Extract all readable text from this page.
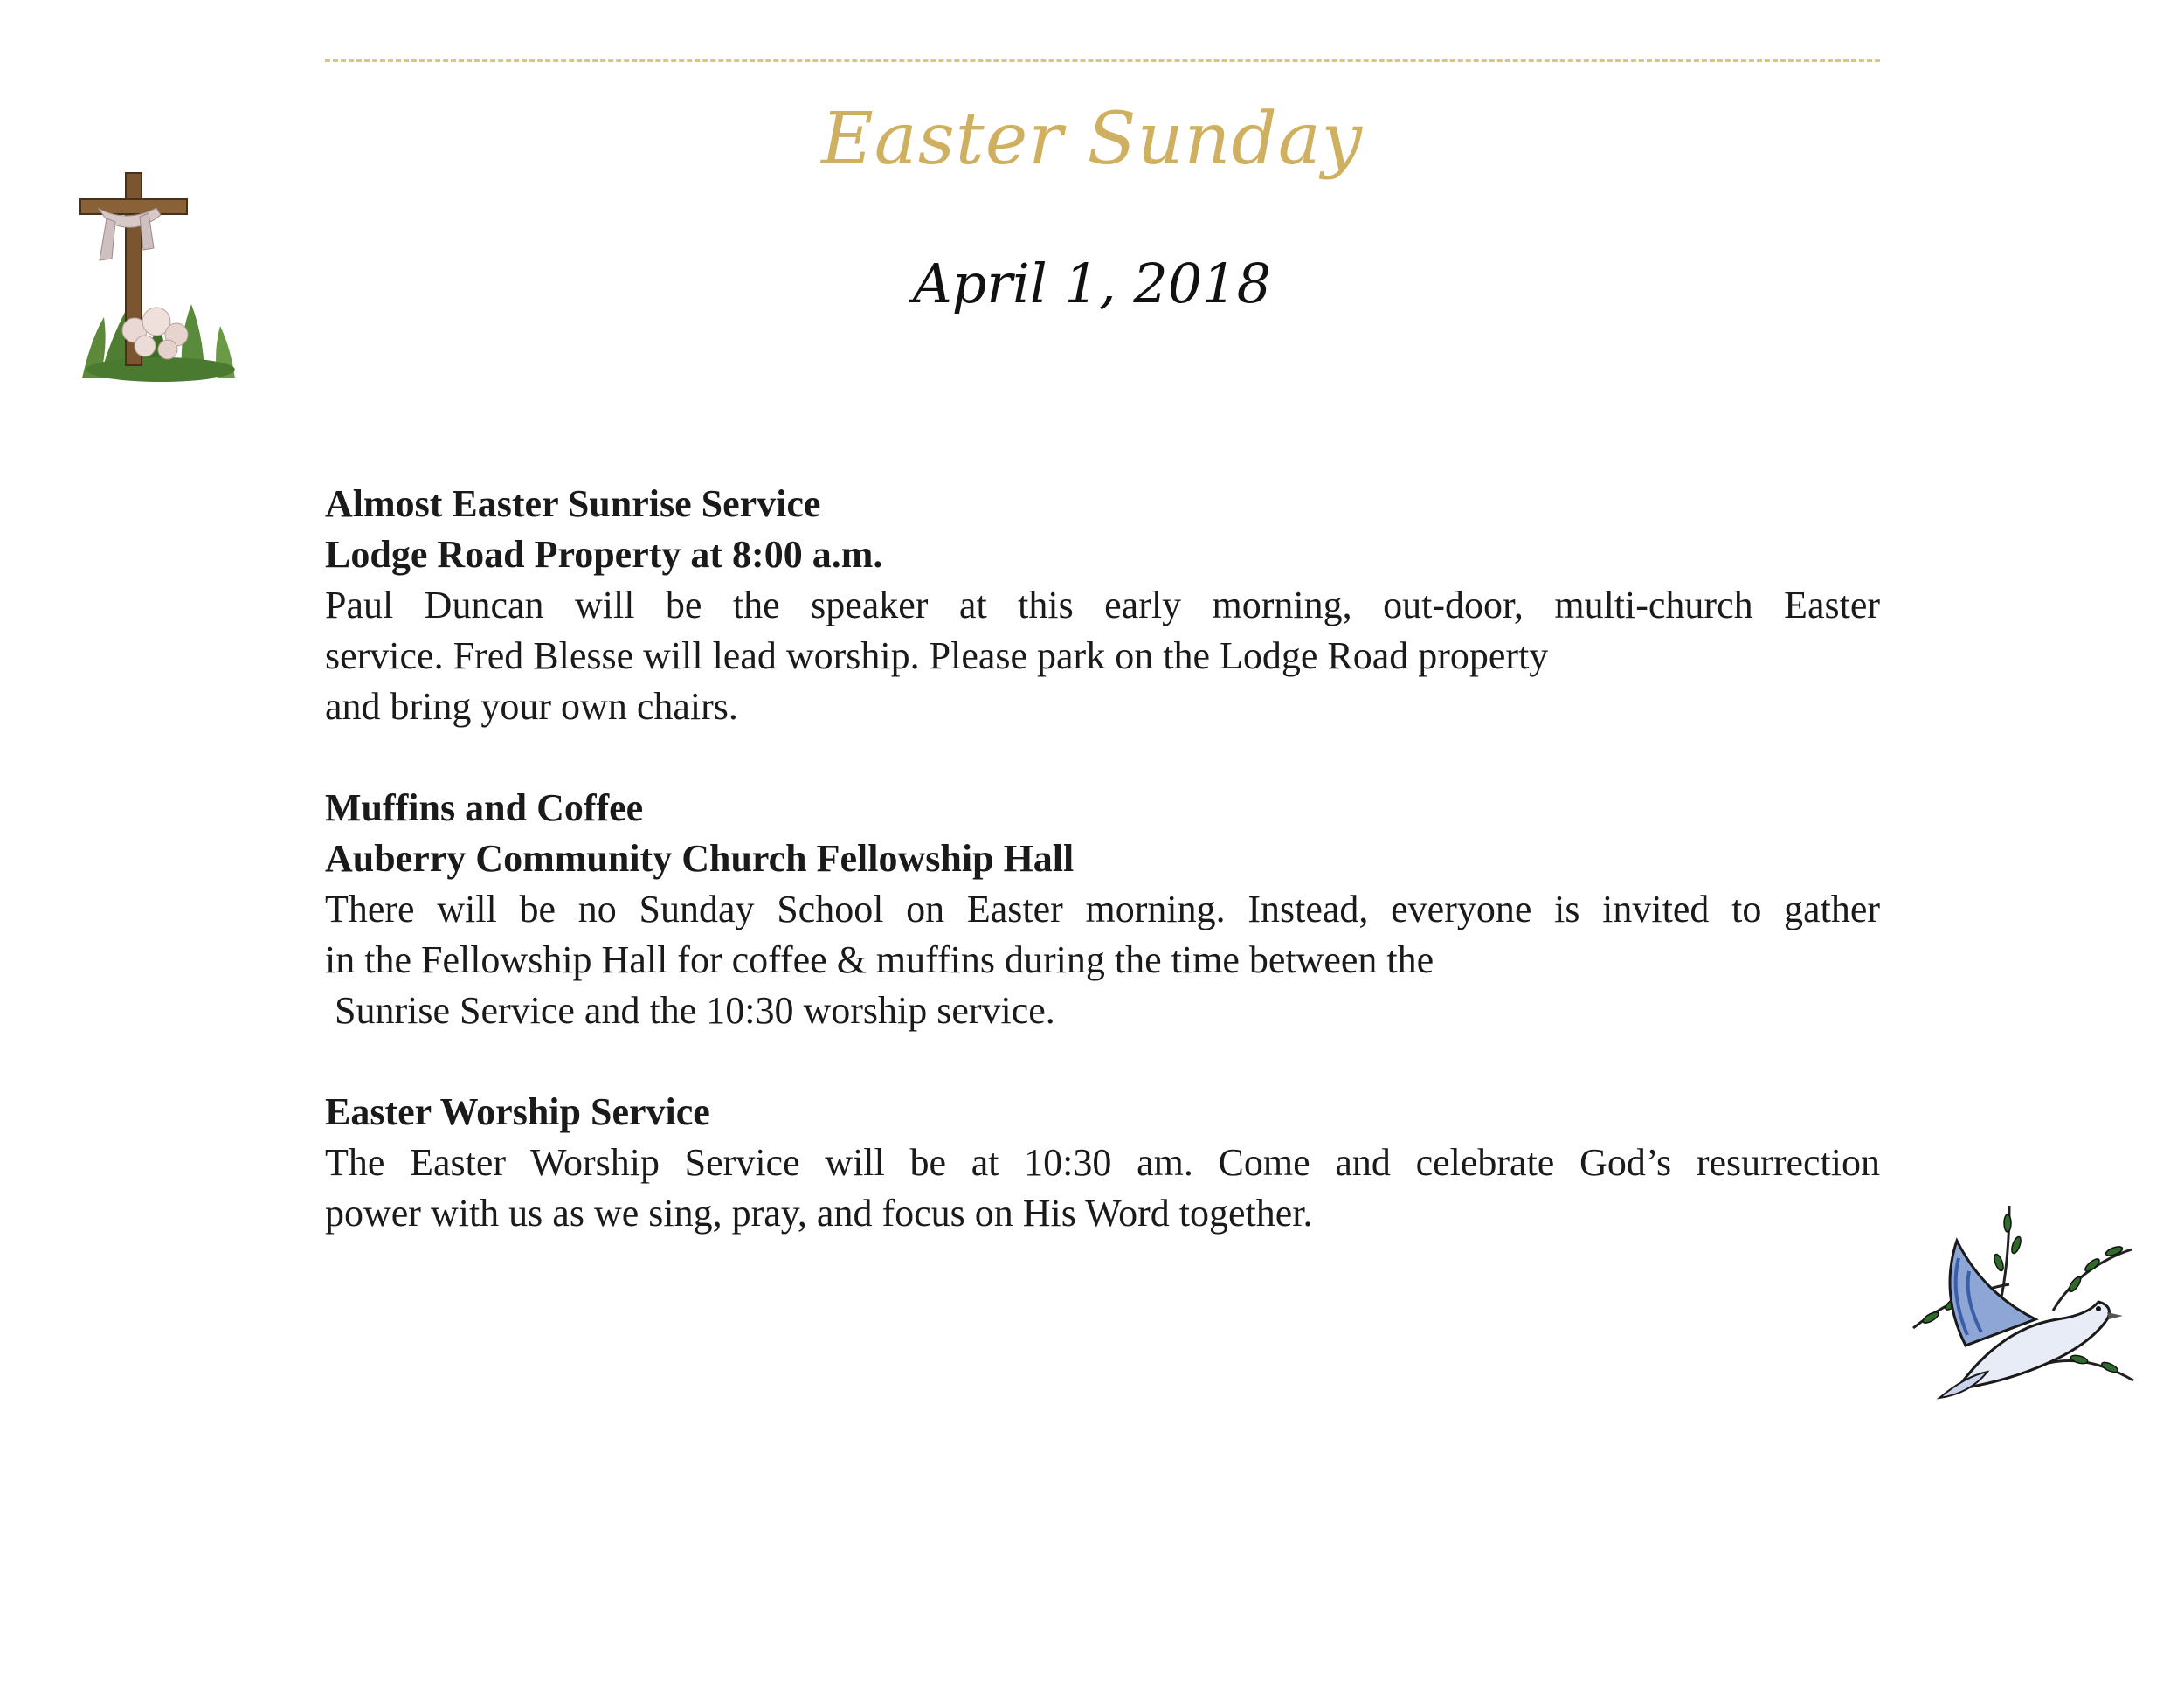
Easter Sunday
April 1, 2018
Almost Easter Sunrise Service
Lodge Road Property at 8:00 a.m.
Paul Duncan will be the speaker at this early morning, out-door, multi-church Easter
service. Fred Blesse will lead worship. Please park on the Lodge Road property
and bring your own chairs.
Muffins and Coffee
Auberry Community Church Fellowship Hall
There will be no Sunday School on Easter morning. Instead, everyone is invited to gather
in the Fellowship Hall for coffee & muffins during the time between the
Sunrise Service and the 10:30 worship service.
Easter Worship Service
The Easter Worship Service will be at 10:30 am. Come and celebrate God’s resurrection
power with us as we sing, pray, and focus on His Word together.
